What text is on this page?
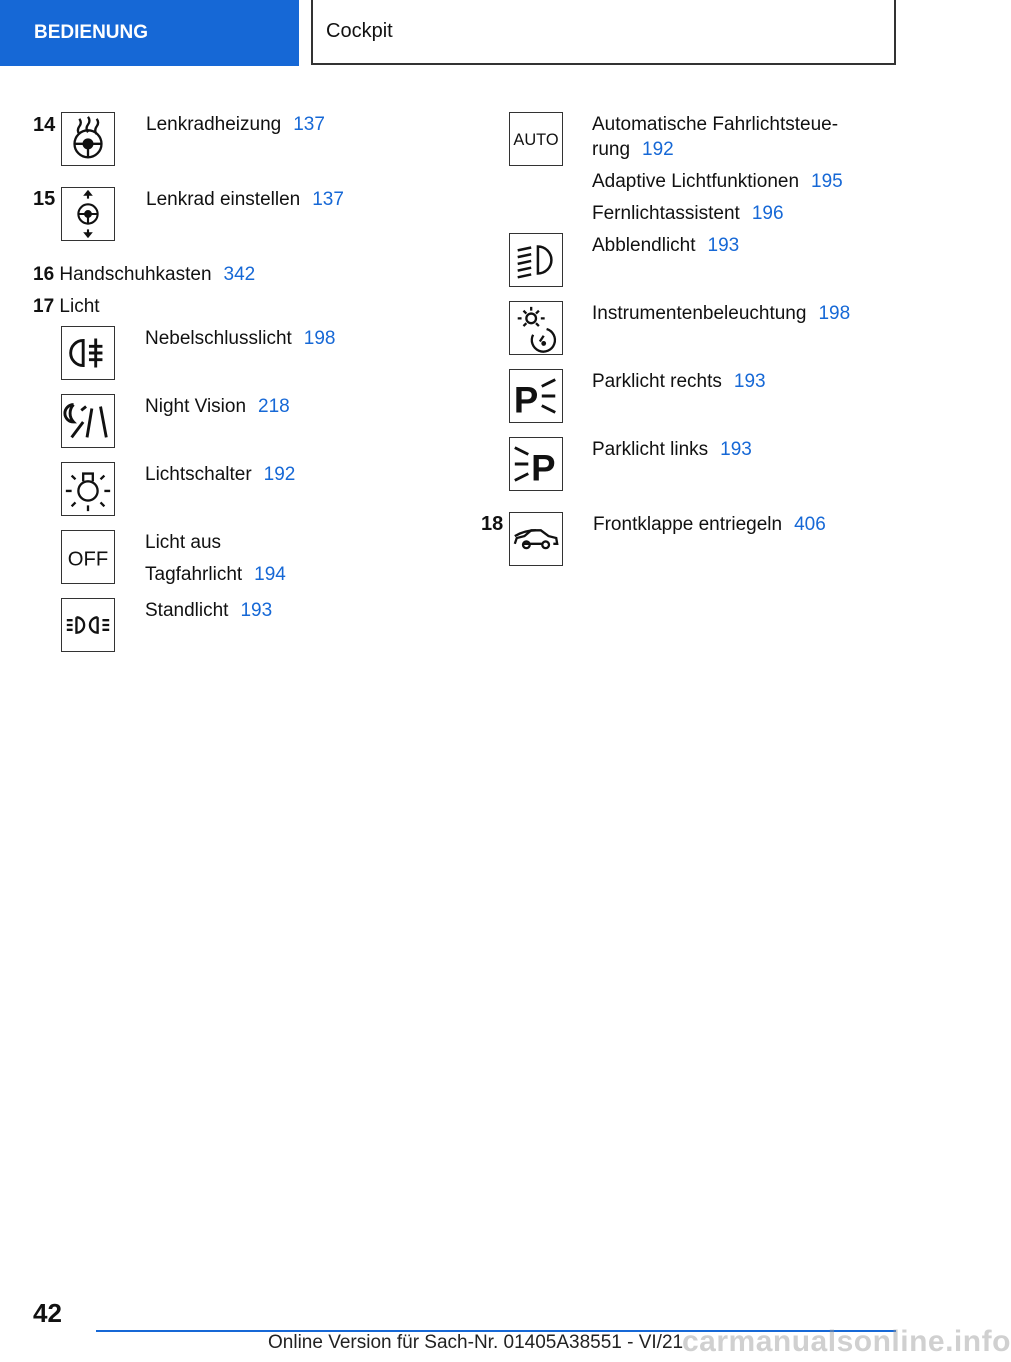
BEDIENUNG	Cockpit
14	Lenkradheizung 137
15	Lenkrad einstellen 137
16 Handschuhkasten 342
17 Licht
Nebelschlusslicht 198
Night Vision 218
Lichtschalter 192
OFF
Licht aus
Tagfahrlicht 194
Standlicht 193
AUTO
Automatische Fahrlichtsteue-
rung 192
Adaptive Lichtfunktionen 195
Fernlichtassistent 196
Abblendlicht 193
Instrumentenbeleuchtung 198
P	Parklicht rechts 193
P Parklicht links 193
18	Frontklappe entriegeln 406
42
Online Version für Sach-Nr. 01405A38551 - VI/21
carmanualsonline.info
